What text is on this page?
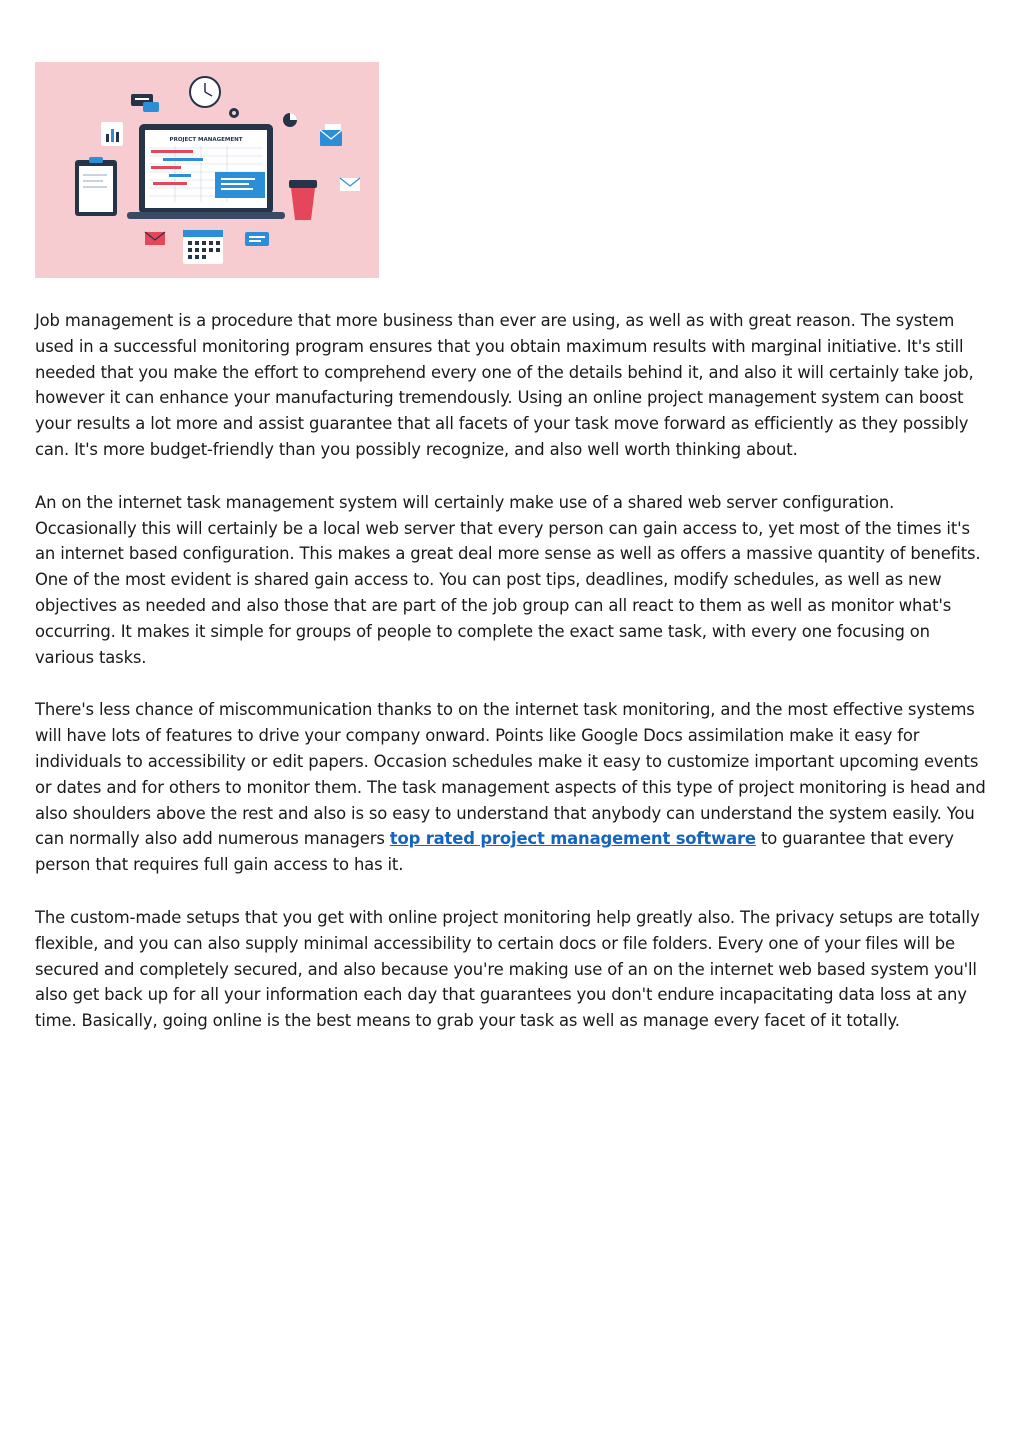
PROJECT MANAGEMENT

Job management is a procedure that more business than ever are using, as well as with great reason. The system used in a successful monitoring program ensures that you obtain maximum results with marginal initiative. It's still needed that you make the effort to comprehend every one of the details behind it, and also it will certainly take job, however it can enhance your manufacturing tremendously. Using an online project management system can boost your results a lot more and assist guarantee that all facets of your task move forward as efficiently as they possibly can. It's more budget-friendly than you possibly recognize, and also well worth thinking about.

An on the internet task management system will certainly make use of a shared web server configuration. Occasionally this will certainly be a local web server that every person can gain access to, yet most of the times it's an internet based configuration. This makes a great deal more sense as well as offers a massive quantity of benefits. One of the most evident is shared gain access to. You can post tips, deadlines, modify schedules, as well as new objectives as needed and also those that are part of the job group can all react to them as well as monitor what's occurring. It makes it simple for groups of people to complete the exact same task, with every one focusing on various tasks.

There's less chance of miscommunication thanks to on the internet task monitoring, and the most effective systems will have lots of features to drive your company onward. Points like Google Docs assimilation make it easy for individuals to accessibility or edit papers. Occasion schedules make it easy to customize important upcoming events or dates and for others to monitor them. The task management aspects of this type of project monitoring is head and also shoulders above the rest and also is so easy to understand that anybody can understand the system easily. You can normally also add numerous managers top rated project management software to guarantee that every person that requires full gain access to has it.

The custom-made setups that you get with online project monitoring help greatly also. The privacy setups are totally flexible, and you can also supply minimal accessibility to certain docs or file folders. Every one of your files will be secured and completely secured, and also because you're making use of an on the internet web based system you'll also get back up for all your information each day that guarantees you don't endure incapacitating data loss at any time. Basically, going online is the best means to grab your task as well as manage every facet of it totally.
